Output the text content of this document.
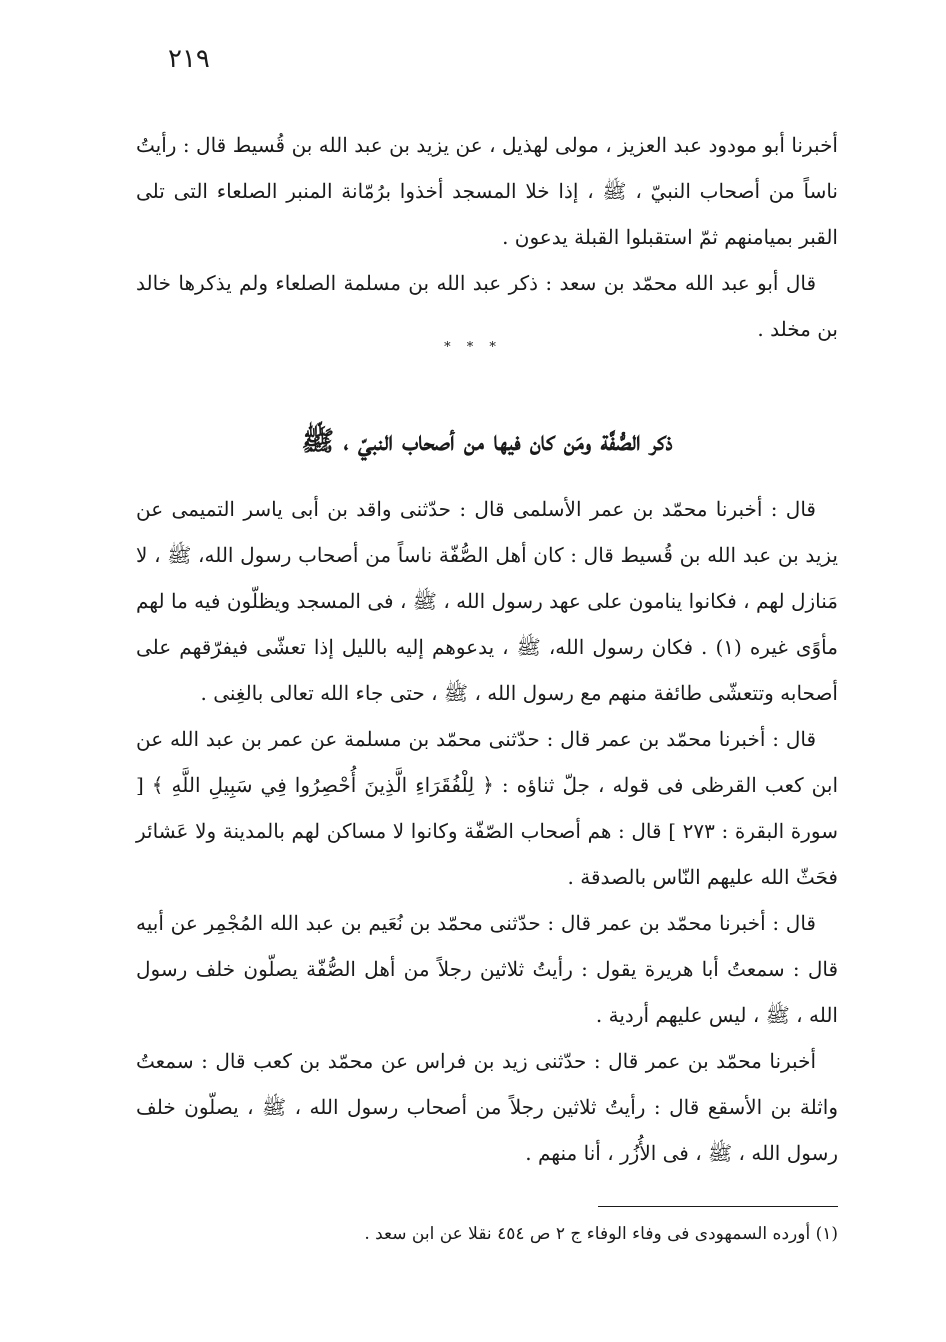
٢١٩

أخبرنا أبو مودود عبد العزيز ، مولى لهذيل ، عن يزيد بن عبد الله بن قُسيط قال : رأيتُ ناساً من أصحاب النبيّ ، ﷺ ، إذا خلا المسجد أخذوا برُمّانة المنبر الصلعاء التى تلى القبر بميامنهم ثمّ استقبلوا القبلة يدعون .

قال أبو عبد الله محمّد بن سعد : ذكر عبد الله بن مسلمة الصلعاء ولم يذكرها خالد بن مخلد .

* * *
ذكر الصُّفَّة ومَن كان فيها من أصحاب النبيّ ، ﷺ

قال : أخبرنا محمّد بن عمر الأسلمى قال : حدّثنى واقد بن أبى ياسر التميمى عن يزيد بن عبد الله بن قُسيط قال : كان أهل الصُّفّة ناساً من أصحاب رسول الله، ﷺ ، لا مَنازل لهم ، فكانوا ينامون على عهد رسول الله ، ﷺ ، فى المسجد ويظلّون فيه ما لهم مأوًى غيره (١) . فكان رسول الله، ﷺ ، يدعوهم إليه بالليل إذا تعشّى فيفرّقهم على أصحابه وتتعشّى طائفة منهم مع رسول الله ، ﷺ ، حتى جاء الله تعالى بالغِنى .

قال : أخبرنا محمّد بن عمر قال : حدّثنى محمّد بن مسلمة عن عمر بن عبد الله عن ابن كعب القرظى فى قوله ، جلّ ثناؤه : ﴿ لِلْفُقَرَاءِ الَّذِينَ أُحْصِرُوا فِي سَبِيلِ اللَّهِ ﴾ [ سورة البقرة : ٢٧٣ ] قال : هم أصحاب الصّفّة وكانوا لا مساكن لهم بالمدينة ولا عَشائر فحَثّ الله عليهم النّاس بالصدقة .

قال : أخبرنا محمّد بن عمر قال : حدّثنى محمّد بن نُعَيم بن عبد الله المُجْمِر عن أبيه قال : سمعتُ أبا هريرة يقول : رأيتُ ثلاثين رجلاً من أهل الصُّفّة يصلّون خلف رسول الله ، ﷺ ، ليس عليهم أردية .

أخبرنا محمّد بن عمر قال : حدّثنى زيد بن فراس عن محمّد بن كعب قال : سمعتُ واثلة بن الأسقع قال : رأيتُ ثلاثين رجلاً من أصحاب رسول الله ، ﷺ ، يصلّون خلف رسول الله ، ﷺ ، فى الأُزُر ، أنا منهم .

(١) أورده السمهودى فى وفاء الوفاء ج ٢ ص ٤٥٤ نقلا عن ابن سعد .
